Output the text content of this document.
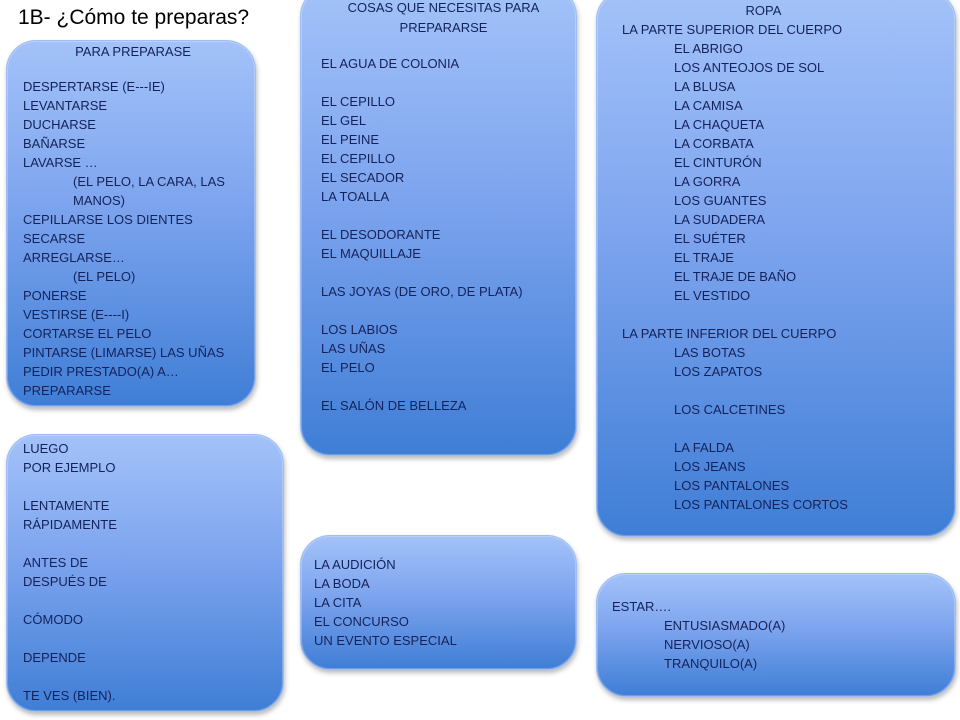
1B- ¿Cómo te preparas?
PARA PREPARASE
DESPERTARSE (E---IE)
LEVANTARSE
DUCHARSE
BAÑARSE
LAVARSE …
(EL PELO, LA CARA, LAS MANOS)
CEPILLARSE LOS DIENTES
SECARSE
ARREGLARSE…
(EL PELO)
PONERSE
VESTIRSE (E----I)
CORTARSE EL PELO
PINTARSE (LIMARSE) LAS UÑAS
PEDIR PRESTADO(A) A…
PREPARARSE
LUEGO
POR EJEMPLO
LENTAMENTE
RÁPIDAMENTE
ANTES DE
DESPUÉS DE
CÓMODO
DEPENDE
TE VES (BIEN).
COSAS QUE NECESITAS PARA PREPARARSE
EL AGUA DE COLONIA
EL CEPILLO
EL GEL
EL PEINE
EL CEPILLO
EL SECADOR
LA TOALLA
EL DESODORANTE
EL MAQUILLAJE
LAS JOYAS (DE ORO, DE PLATA)
LOS LABIOS
LAS UÑAS
EL PELO
EL SALÓN DE BELLEZA
LA AUDICIÓN
LA BODA
LA CITA
EL CONCURSO
UN EVENTO ESPECIAL
ROPA
LA PARTE SUPERIOR DEL CUERPO
EL ABRIGO
LOS ANTEOJOS DE SOL
LA BLUSA
LA CAMISA
LA CHAQUETA
LA CORBATA
EL CINTURÓN
LA GORRA
LOS GUANTES
LA SUDADERA
EL SUÉTER
EL TRAJE
EL TRAJE DE BAÑO
EL VESTIDO
LA PARTE INFERIOR DEL CUERPO
LAS BOTAS
LOS ZAPATOS
LOS CALCETINES
LA FALDA
LOS JEANS
LOS PANTALONES
LOS PANTALONES CORTOS
ESTAR….
ENTUSIASMADO(A)
NERVIOSO(A)
TRANQUILO(A)
